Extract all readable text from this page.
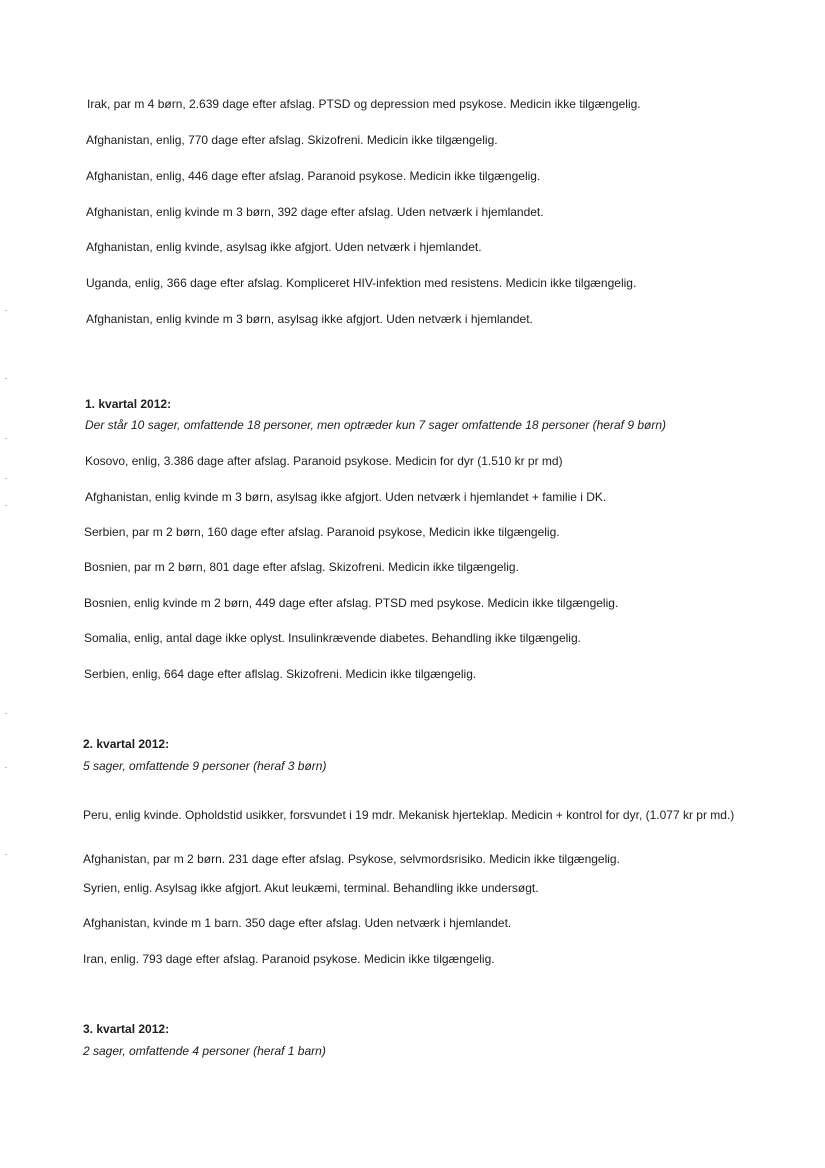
Irak, par m 4 børn, 2.639 dage efter afslag. PTSD og depression med psykose. Medicin ikke tilgængelig.
Afghanistan, enlig, 770 dage efter afslag. Skizofreni. Medicin ikke tilgængelig.
Afghanistan, enlig, 446 dage efter afslag. Paranoid psykose. Medicin ikke tilgængelig.
Afghanistan, enlig kvinde m 3 børn, 392 dage efter afslag. Uden netværk i hjemlandet.
Afghanistan, enlig kvinde, asylsag ikke afgjort. Uden netværk i hjemlandet.
Uganda, enlig, 366 dage efter afslag. Kompliceret HIV-infektion med resistens. Medicin ikke tilgængelig.
Afghanistan, enlig kvinde m 3 børn, asylsag ikke afgjort. Uden netværk i hjemlandet.
1. kvartal 2012:
Der står 10 sager, omfattende 18 personer, men optræder kun 7 sager omfattende 18 personer (heraf 9 børn)
Kosovo, enlig, 3.386 dage after afslag. Paranoid psykose. Medicin for dyr (1.510 kr pr md)
Afghanistan, enlig kvinde m 3 børn, asylsag ikke afgjort. Uden netværk i hjemlandet + familie i DK.
Serbien, par m 2 børn, 160 dage efter afslag. Paranoid psykose, Medicin ikke tilgængelig.
Bosnien, par m 2 børn, 801 dage efter afslag. Skizofreni. Medicin ikke tilgængelig.
Bosnien, enlig kvinde m 2 børn, 449 dage efter afslag. PTSD med psykose. Medicin ikke tilgængelig.
Somalia, enlig, antal dage ikke oplyst. Insulinkrævende diabetes. Behandling ikke tilgængelig.
Serbien, enlig, 664 dage efter aflslag. Skizofreni. Medicin ikke tilgængelig.
2. kvartal 2012:
5 sager, omfattende 9 personer (heraf 3 børn)
Peru, enlig kvinde. Opholdstid usikker, forsvundet i 19 mdr. Mekanisk hjerteklap. Medicin + kontrol for dyr, (1.077 kr pr md.)
Afghanistan, par m 2 børn. 231 dage efter afslag. Psykose, selvmordsrisiko. Medicin ikke tilgængelig.
Syrien, enlig. Asylsag ikke afgjort. Akut leukæmi, terminal. Behandling ikke undersøgt.
Afghanistan, kvinde m 1 barn. 350 dage efter afslag. Uden netværk i hjemlandet.
Iran, enlig. 793 dage efter afslag. Paranoid psykose. Medicin ikke tilgængelig.
3. kvartal 2012:
2 sager, omfattende 4 personer (heraf 1 barn)
